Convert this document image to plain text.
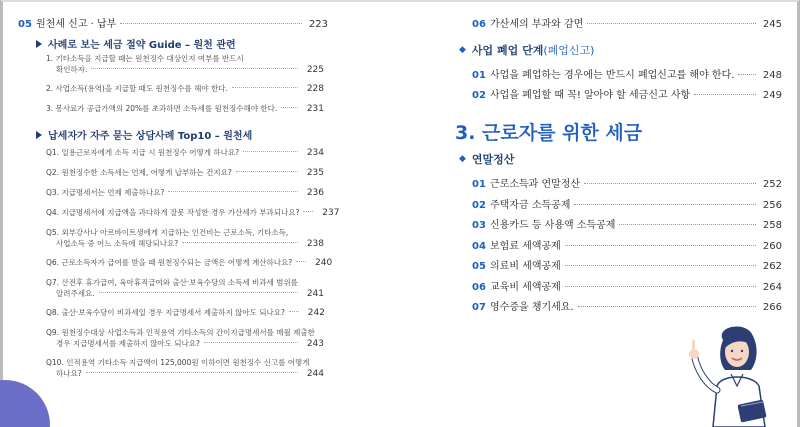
05 원천세 신고 · 납부	223
사례로 보는 세금 절약 Guide – 원천 관련
1. 기타소득을 지급할 때는 원천징수 대상인지 여부를 반드시
확인하자.	225
2. 사업소득(용역)을 지급할 때도 원천징수를 해야 한다.	228
3. 봉사료가 공급가액의 20%를 초과하면 소득세를 원천징수해야 한다.	231
납세자가 자주 묻는 상담사례 Top10 – 원천세
Q1. 일용근로자에게 소득 지급 시 원천징수 어떻게 하나요?	234
Q2. 원천징수한 소득세는 언제, 어떻게 납부하는 건지요?	235
Q3. 지급명세서는 언제 제출하나요?	236
Q4. 지급명세서에 지급액을 과다하게 잘못 작성한 경우 가산세가 부과되나요?	237
Q5. 외부강사나 아르바이트생에게 지급하는 인건비는 근로소득, 기타소득,
사업소득 중 어느 소득에 해당되나요?	238
Q6. 근로소득자가 급여를 받을 때 원천징수되는 금액은 어떻게 계산하나요?	240
Q7. 산전후 휴가급여, 육아휴직급여와 출산·보육수당의 소득세 비과세 범위를
알려주세요.	241
Q8. 출산·보육수당이 비과세일 경우 지급명세서 제출하지 않아도 되나요?	242
Q9. 원천징수대상 사업소득과 인적용역 기타소득의 간이지급명세서를 매월 제출한
경우 지급명세서를 제출하지 않아도 되나요?	243
Q10. 인적용역 기타소득 지급액이 125,000원 이하이면 원천징수 신고를 어떻게
하나요?	244
06 가산세의 부과와 감면	245
◆ 사업 폐업 단계 (폐업신고)
01 사업을 폐업하는 경우에는 반드시 폐업신고를 해야 한다.	248
02 사업을 폐업할 때 꼭! 알아야 할 세금신고 사항	249
3. 근로자를 위한 세금
◆ 연말정산
01 근로소득과 연말정산	252
02 주택자금 소득공제	256
03 신용카드 등 사용액 소득공제	258
04 보험료 세액공제	260
05 의료비 세액공제	262
06 교육비 세액공제	264
07 영수증을 챙기세요.	266
